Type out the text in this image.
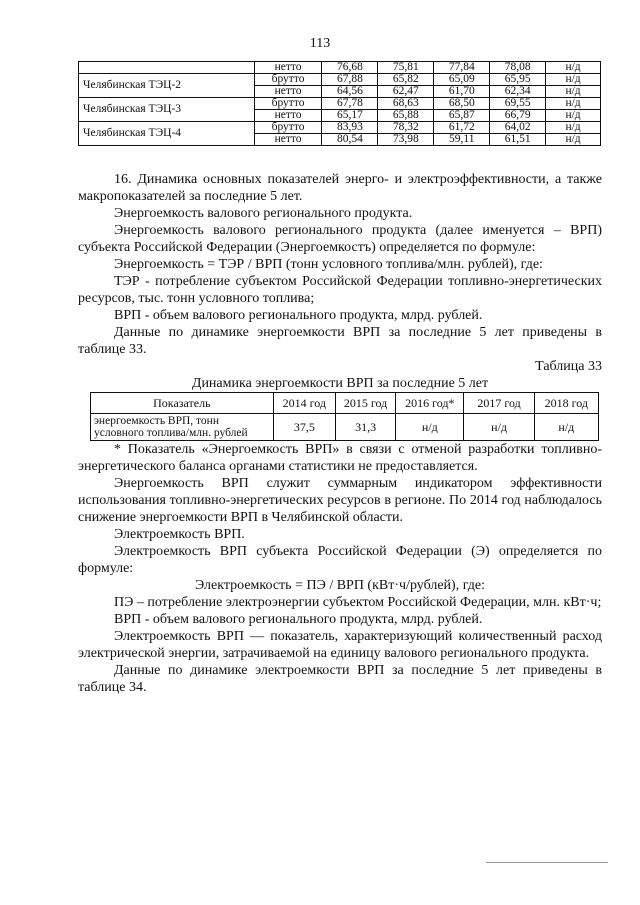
113
	нетто	76,68	75,81	77,84	78,08	н/д
Челябинская ТЭЦ-2	брутто	67,88	65,82	65,09	65,95	н/д
	нетто	64,56	62,47	61,70	62,34	н/д
Челябинская ТЭЦ-3	брутто	67,78	68,63	68,50	69,55	н/д
	нетто	65,17	65,88	65,87	66,79	н/д
Челябинская ТЭЦ-4	брутто	83,93	78,32	61,72	64,02	н/д
	нетто	80,54	73,98	59,11	61,51	н/д

16. Динамика основных показателей энерго- и электроэффективности, а также макропоказателей за последние 5 лет.

Энергоемкость валового регионального продукта.

Энергоемкость валового регионального продукта (далее именуется – ВРП) субъекта Российской Федерации (Энергоемкостъ) определяется по формуле:

Энергоемкость = ТЭР / ВРП (тонн условного топлива/млн. рублей), где:

ТЭР - потребление субъектом Российской Федерации топливно-энергетических ресурсов, тыс. тонн условного топлива;

ВРП - объем валового регионального продукта, млрд. рублей.

Данные по динамике энергоемкости ВРП за последние 5 лет приведены в таблице 33.

Таблица 33

Динамика энергоемкости ВРП за последние 5 лет

Показатель	2014 год	2015 год	2016 год*	2017 год	2018 год
энергоемкость ВРП, тонн условного топлива/млн. рублей	37,5	31,3	н/д	н/д	н/д

* Показатель «Энергоемкость ВРП» в связи с отменой разработки топливно-энергетического баланса органами статистики не предоставляется.

Энергоемкость ВРП служит суммарным индикатором эффективности использования топливно-энергетических ресурсов в регионе. По 2014 год наблюдалось снижение энергоемкости ВРП в Челябинской области.

Электроемкость ВРП.

Электроемкость ВРП субъекта Российской Федерации (Э) определяется по формуле:

Электроемкость = ПЭ / ВРП (кВт·ч/рублей), где:

ПЭ – потребление электроэнергии субъектом Российской Федерации, млн. кВт·ч;

ВРП - объем валового регионального продукта, млрд. рублей.

Электроемкость ВРП — показатель, характеризующий количественный расход электрической энергии, затрачиваемой на единицу валового регионального продукта.

Данные по динамике электроемкости ВРП за последние 5 лет приведены в таблице 34.
